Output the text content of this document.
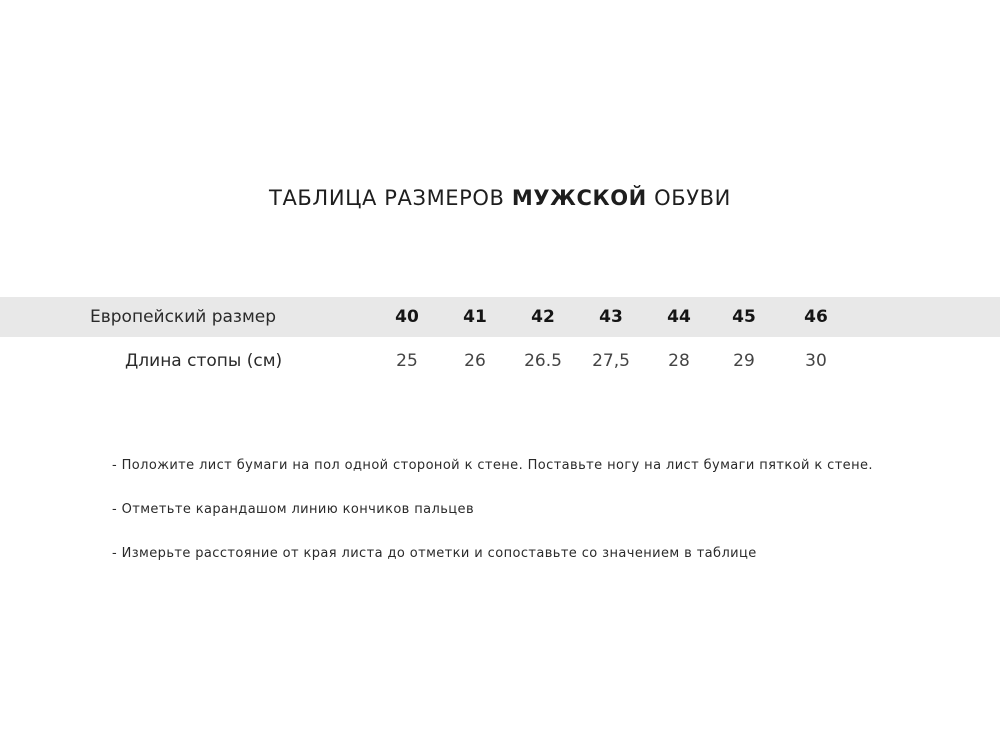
ТАБЛИЦА РАЗМЕРОВ МУЖСКОЙ ОБУВИ
Европейский размер	40	41	42	43	44	45	46
Длина стопы (см)	25	26	26.5	27,5	28	29	30
- Положите лист бумаги на пол одной стороной к стене. Поставьте ногу на лист бумаги пяткой к стене.
- Отметьте карандашом линию кончиков пальцев
- Измерьте расстояние от края листа до отметки и сопоставьте со значением в таблице
